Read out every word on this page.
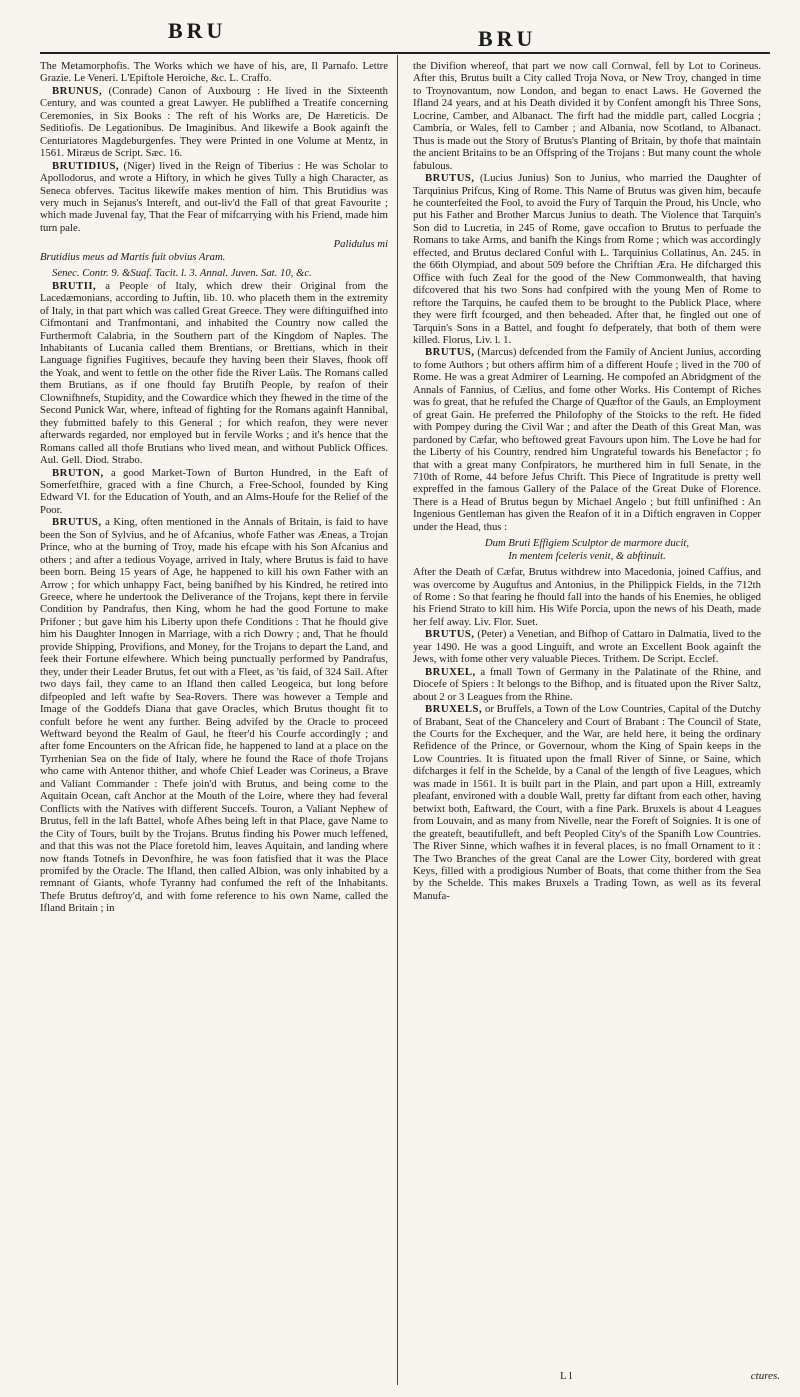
BRU	BRU

The Metamorphofis. The Works which we have of his, are, Il Parnafo. Lettre Grazie. Le Veneri. L'Epiftole Heroiche, &c. L. Craffo.

BRUNUS, (Conrade) Canon of Auxbourg : He lived in the Sixteenth Century, and was counted a great Lawyer. He publifhed a Treatife concerning Ceremonies, in Six Books : The reft of his Works are, De Hæreticis. De Seditiofis. De Legationibus. De Imaginibus. And likewife a Book againft the Centuriatores Magdeburgenfes. They were Printed in one Volume at Mentz, in 1561. Miræus de Script. Sæc. 16.

BRUTIDIUS, (Niger) lived in the Reign of Tiberius : He was Scholar to Apollodorus, and wrote a Hiftory, in which he gives Tully a high Character, as Seneca obferves. Tacitus likewife makes mention of him. This Brutidius was very much in Sejanus's Intereft, and out-liv'd the Fall of that great Favourite ; which made Juvenal fay, That the Fear of mifcarrying with his Friend, made him turn pale.

Palidulus mi
Brutidius meus ad Martis fuit obvius Aram.

Senec. Contr. 9. &Suaf. Tacit. l. 3. Annal. Juven. Sat. 10, &c.

BRUTII, a People of Italy, which drew their Original from the Lacedæmonians, according to Juftin, lib. 10. who placeth them in the extremity of Italy, in that part which was called Great Greece. They were diftinguifhed into Cifmontani and Tranfmontani, and inhabited the Country now called the Furthermoft Calabria, in the Southern part of the Kingdom of Naples. The Inhabitants of Lucania called them Brentians, or Brettians, which in their Language fignifies Fugitives, becaufe they having been their Slaves, fhook off the Yoak, and went to fettle on the other fide the River Laüs. The Romans called them Brutians, as if one fhould fay Brutifh People, by reafon of their Clownifhnefs, Stupidity, and the Cowardice which they fhewed in the time of the Second Punick War, where, inftead of fighting for the Romans againft Hannibal, they fubmitted bafely to this General ; for which reafon, they were never afterwards regarded, nor employed but in fervile Works ; and it's hence that the Romans called all thofe Brutians who lived mean, and without Publick Offices. Aul. Gell. Diod. Strabo.

BRUTON, a good Market-Town of Burton Hundred, in the Eaft of Somerfetfhire, graced with a fine Church, a Free-School, founded by King Edward VI. for the Education of Youth, and an Alms-Houfe for the Relief of the Poor.

BRUTUS, a King, often mentioned in the Annals of Britain, is faid to have been the Son of Sylvius, and he of Afcanius, whofe Father was Æneas, a Trojan Prince, who at the burning of Troy, made his efcape with his Son Afcanius and others ; and after a tedious Voyage, arrived in Italy, where Brutus is faid to have been born. Being 15 years of Age, he happened to kill his own Father with an Arrow ; for which unhappy Fact, being banifhed by his Kindred, he retired into Greece, where he undertook the Deliverance of the Trojans, kept there in fervile Condition by Pandrafus, then King, whom he had the good Fortune to make Prifoner ; but gave him his Liberty upon thefe Conditions : That he fhould give him his Daughter Innogen in Marriage, with a rich Dowry ; and, That he fhould provide Shipping, Provifions, and Money, for the Trojans to depart the Land, and feek their Fortune elfewhere. Which being punctually performed by Pandrafus, they, under their Leader Brutus, fet out with a Fleet, as 'tis faid, of 324 Sail. After two days fail, they came to an Ifland then called Leogeica, but long before difpeopled and left wafte by Sea-Rovers. There was however a Temple and Image of the Goddefs Diana that gave Oracles, which Brutus thought fit to confult before he went any further. Being advifed by the Oracle to proceed Weftward beyond the Realm of Gaul, he fteer'd his Courfe accordingly ; and after fome Encounters on the African fide, he happened to land at a place on the Tyrrhenian Sea on the fide of Italy, where he found the Race of thofe Trojans who came with Antenor thither, and whofe Chief Leader was Corineus, a Brave and Valiant Commander : Thefe join'd with Brutus, and being come to the Aquitain Ocean, caft Anchor at the Mouth of the Loire, where they had feveral Conflicts with the Natives with different Succefs. Touron, a Valiant Nephew of Brutus, fell in the laft Battel, whofe Afhes being left in that Place, gave Name to the City of Tours, built by the Trojans. Brutus finding his Power much leffened, and that this was not the Place foretold him, leaves Aquitain, and landing where now ftands Totnefs in Devonfhire, he was foon fatisfied that it was the Place promifed by the Oracle. The Ifland, then called Albion, was only inhabited by a remnant of Giants, whofe Tyranny had confumed the reft of the Inhabitants. Thefe Brutus deftroy'd, and with fome reference to his own Name, called the Ifland Britain ; in

the Divifion whereof, that part we now call Cornwal, fell by Lot to Corineus. After this, Brutus built a City called Troja Nova, or New Troy, changed in time to Troynovantum, now London, and began to enact Laws. He Governed the Ifland 24 years, and at his Death divided it by Confent amongft his Three Sons, Locrine, Camber, and Albanact. The firft had the middle part, called Locgria ; Cambria, or Wales, fell to Camber ; and Albania, now Scotland, to Albanact. Thus is made out the Story of Brutus's Planting of Britain, by thofe that maintain the ancient Britains to be an Offspring of the Trojans : But many count the whole fabulous.

BRUTUS, (Lucius Junius) Son to Junius, who married the Daughter of Tarquinius Prifcus, King of Rome. This Name of Brutus was given him, becaufe he counterfeited the Fool, to avoid the Fury of Tarquin the Proud, his Uncle, who put his Father and Brother Marcus Junius to death. The Violence that Tarquin's Son did to Lucretia, in 245 of Rome, gave occafion to Brutus to perfuade the Romans to take Arms, and banifh the Kings from Rome ; which was accordingly effected, and Brutus declared Conful with L. Tarquinius Collatinus, An. 245. in the 66th Olympiad, and about 509 before the Chriftian Æra. He difcharged this Office with fuch Zeal for the good of the New Commonwealth, that having difcovered that his two Sons had confpired with the young Men of Rome to reftore the Tarquins, he caufed them to be brought to the Publick Place, where they were firft fcourged, and then beheaded. After that, he fingled out one of Tarquin's Sons in a Battel, and fought fo defperately, that both of them were killed. Florus, Liv. l. 1.

BRUTUS, (Marcus) defcended from the Family of Ancient Junius, according to fome Authors ; but others affirm him of a different Houfe ; lived in the 700 of Rome. He was a great Admirer of Learning. He compofed an Abridgment of the Annals of Fannius, of Cælius, and fome other Works. His Contempt of Riches was fo great, that he refufed the Charge of Quæftor of the Gauls, an Employment of great Gain. He preferred the Philofophy of the Stoicks to the reft. He fided with Pompey during the Civil War ; and after the Death of this Great Man, was pardoned by Cæfar, who beftowed great Favours upon him. The Love he had for the Liberty of his Country, rendred him Ungrateful towards his Benefactor ; fo that with a great many Confpirators, he murthered him in full Senate, in the 710th of Rome, 44 before Jefus Chrift. This Piece of Ingratitude is pretty well expreffed in the famous Gallery of the Palace of the Great Duke of Florence. There is a Head of Brutus begun by Michael Angelo ; but ftill unfinifhed : An Ingenious Gentleman has given the Reafon of it in a Diftich engraven in Copper under the Head, thus :

Dum Bruti Effigiem Sculptor de marmore ducit,
In mentem fceleris venit, & abftinuit.

After the Death of Cæfar, Brutus withdrew into Macedonia, joined Caffius, and was overcome by Auguftus and Antonius, in the Philippick Fields, in the 712th of Rome : So that fearing he fhould fall into the hands of his Enemies, he obliged his Friend Strato to kill him. His Wife Porcia, upon the news of his Death, made her felf away. Liv. Flor. Suet.

BRUTUS, (Peter) a Venetian, and Bifhop of Cattaro in Dalmatia, lived to the year 1490. He was a good Linguift, and wrote an Excellent Book againft the Jews, with fome other very valuable Pieces. Trithem. De Script. Ecclef.

BRUXEL, a fmall Town of Germany in the Palatinate of the Rhine, and Diocefe of Spiers : It belongs to the Bifhop, and is fituated upon the River Saltz, about 2 or 3 Leagues from the Rhine.

BRUXELS, or Bruffels, a Town of the Low Countries, Capital of the Dutchy of Brabant, Seat of the Chancelery and Court of Brabant : The Council of State, the Courts for the Exchequer, and the War, are held here, it being the ordinary Refidence of the Prince, or Governour, whom the King of Spain keeps in the Low Countries. It is fituated upon the fmall River of Sinne, or Saine, which difcharges it felf in the Schelde, by a Canal of the length of five Leagues, which was made in 1561. It is built part in the Plain, and part upon a Hill, extreamly pleafant, environed with a double Wall, pretty far diftant from each other, having betwixt both, Eaftward, the Court, with a fine Park. Bruxels is about 4 Leagues from Louvain, and as many from Nivelle, near the Foreft of Soignies. It is one of the greateft, beautifulleft, and beft Peopled City's of the Spanifh Low Countries. The River Sinne, which wafhes it in feveral places, is no fmall Ornament to it : The Two Branches of the great Canal are the Lower City, bordered with great Keys, filled with a prodigious Number of Boats, that come thither from the Sea by the Schelde. This makes Bruxels a Trading Town, as well as its feveral Manufa-

L l	ctures.
